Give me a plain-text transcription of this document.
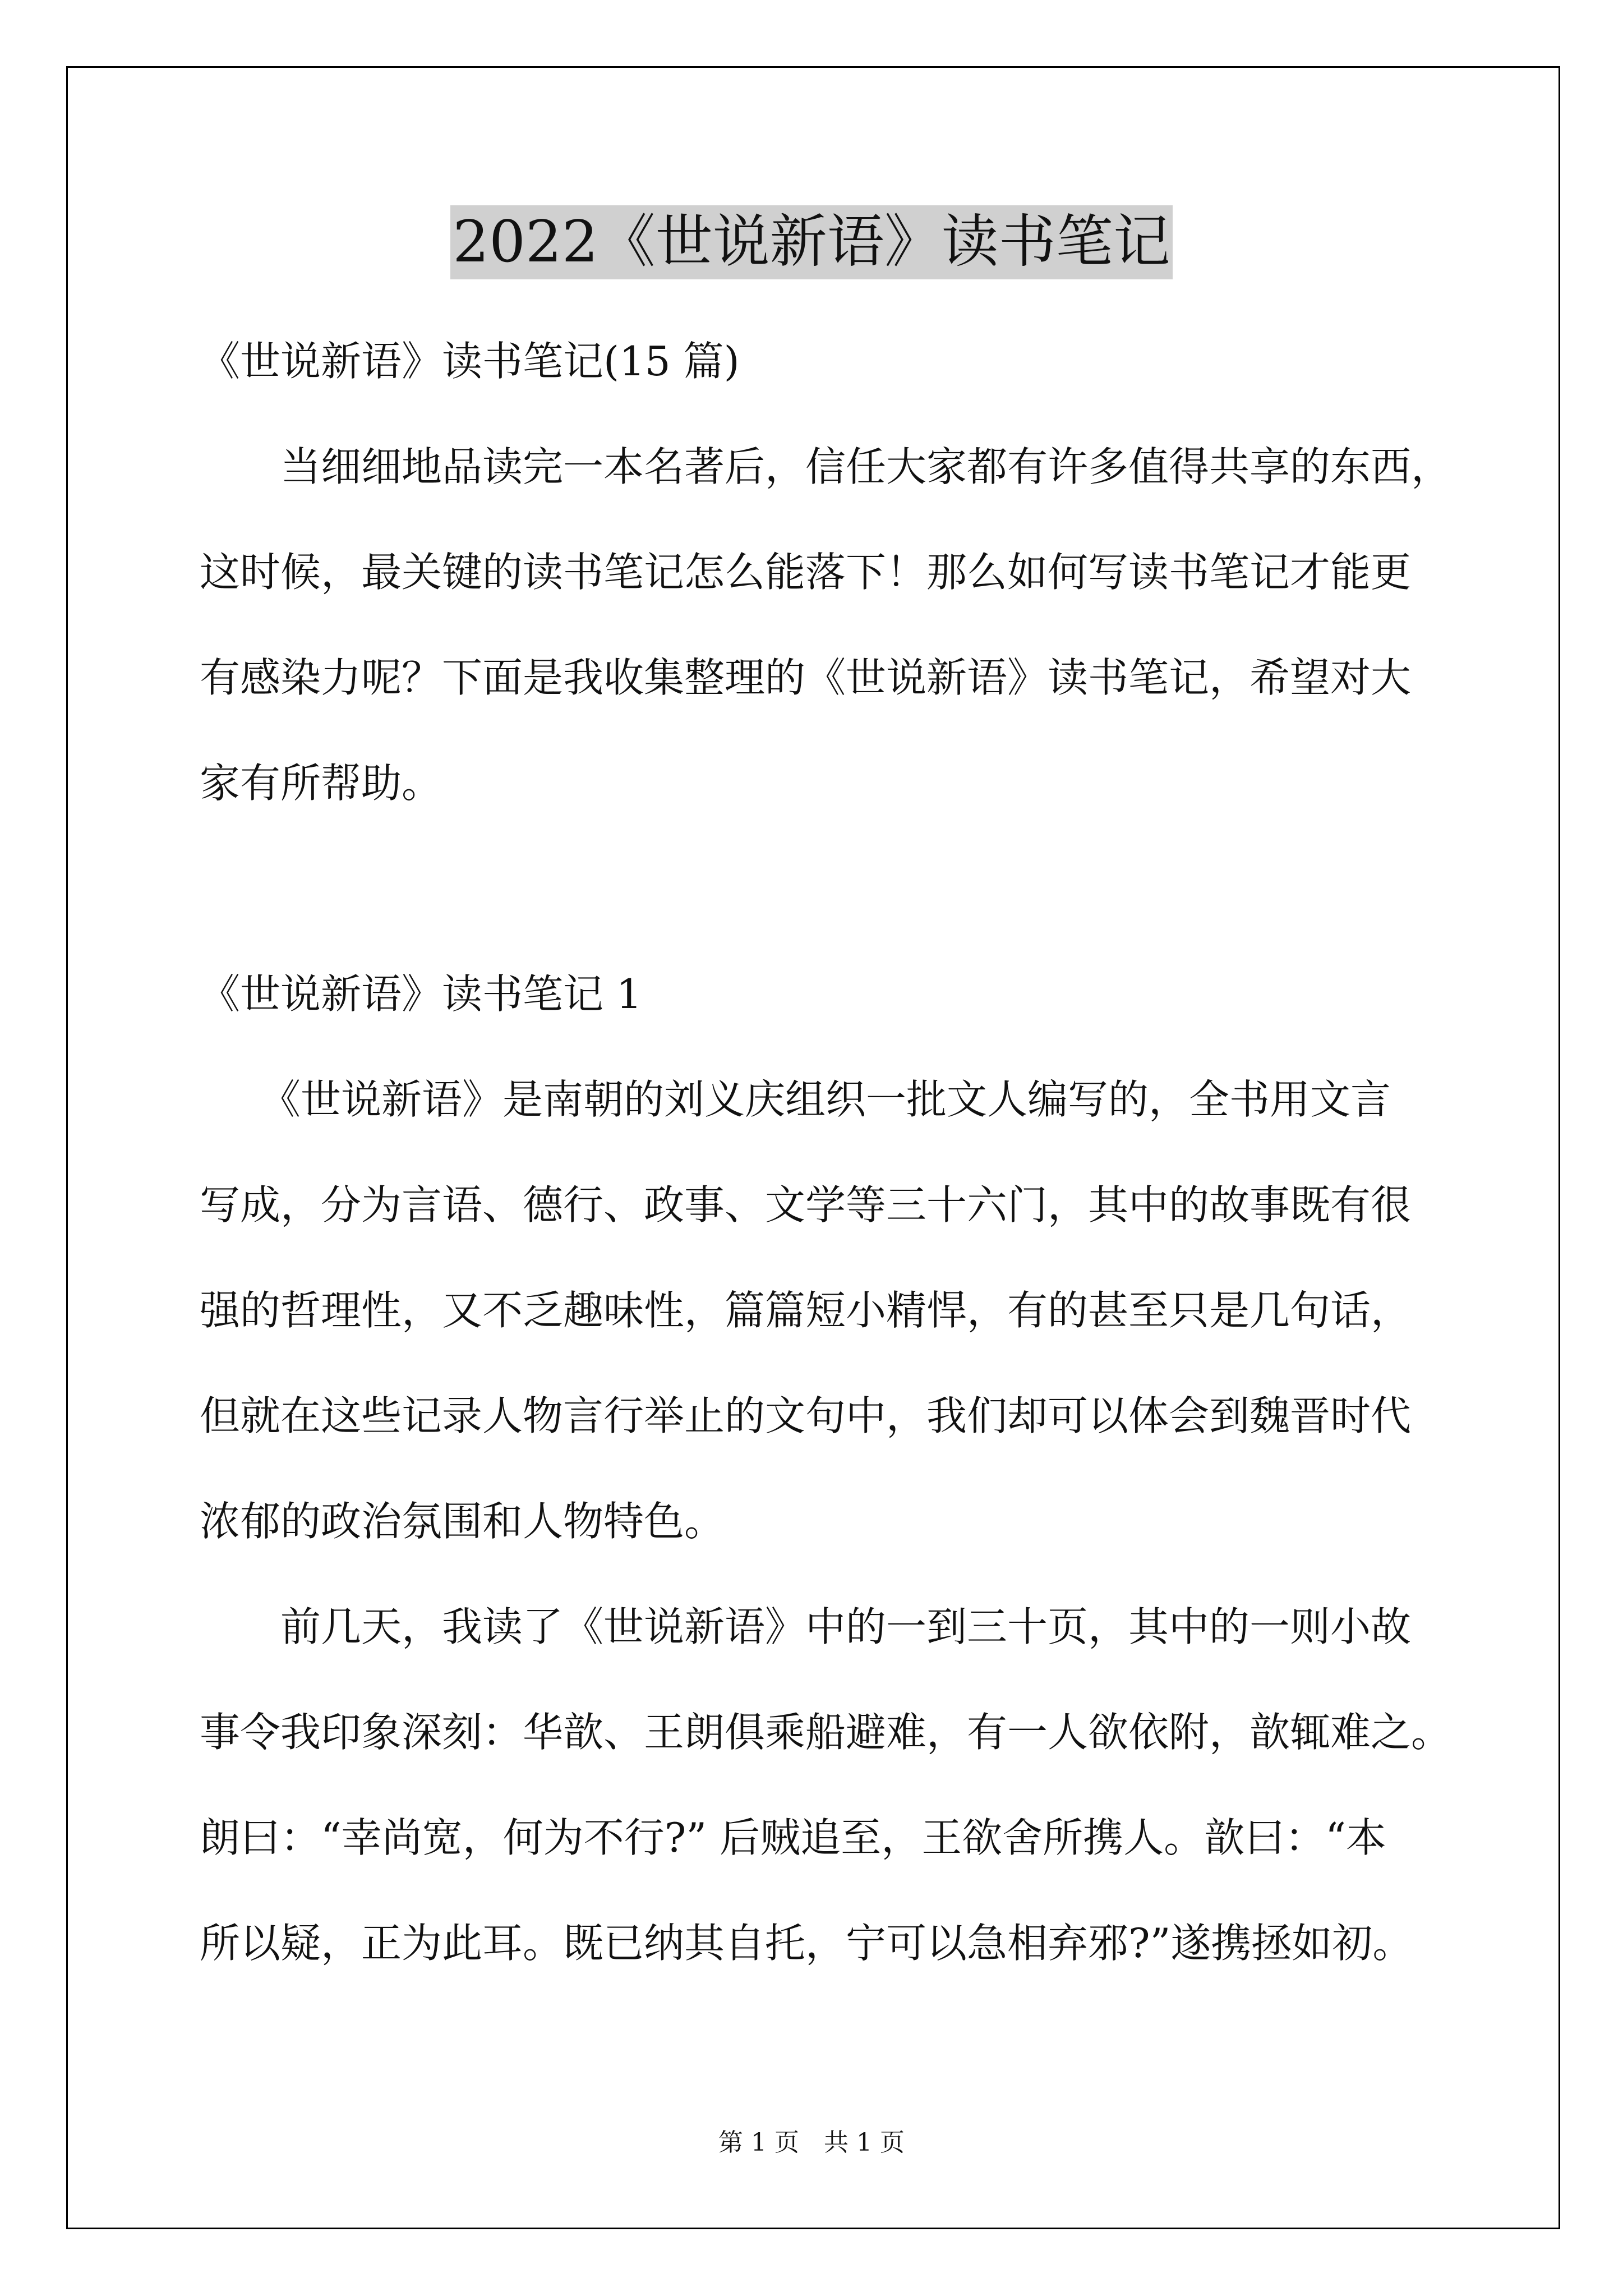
2022《世说新语》读书笔记
《世说新语》读书笔记(15 篇)
　　当细细地品读完一本名著后，信任大家都有许多值得共享的东西，
这时候，最关键的读书笔记怎么能落下！那么如何写读书笔记才能更
有感染力呢？下面是我收集整理的《世说新语》读书笔记，希望对大
家有所帮助。
《世说新语》读书笔记 1
　　《世说新语》是南朝的刘义庆组织一批文人编写的，全书用文言
写成，分为言语、德行、政事、文学等三十六门，其中的故事既有很
强的哲理性，又不乏趣味性，篇篇短小精悍，有的甚至只是几句话，
但就在这些记录人物言行举止的文句中，我们却可以体会到魏晋时代
浓郁的政治氛围和人物特色。
　　前几天，我读了《世说新语》中的一到三十页，其中的一则小故
事令我印象深刻：华歆、王朗俱乘船避难，有一人欲依附，歆辄难之。
朗曰：“幸尚宽，何为不行?” 后贼追至，王欲舍所携人。歆曰：“本
所以疑，正为此耳。既已纳其自托，宁可以急相弃邪?”遂携拯如初。
第 1 页　共 1 页
